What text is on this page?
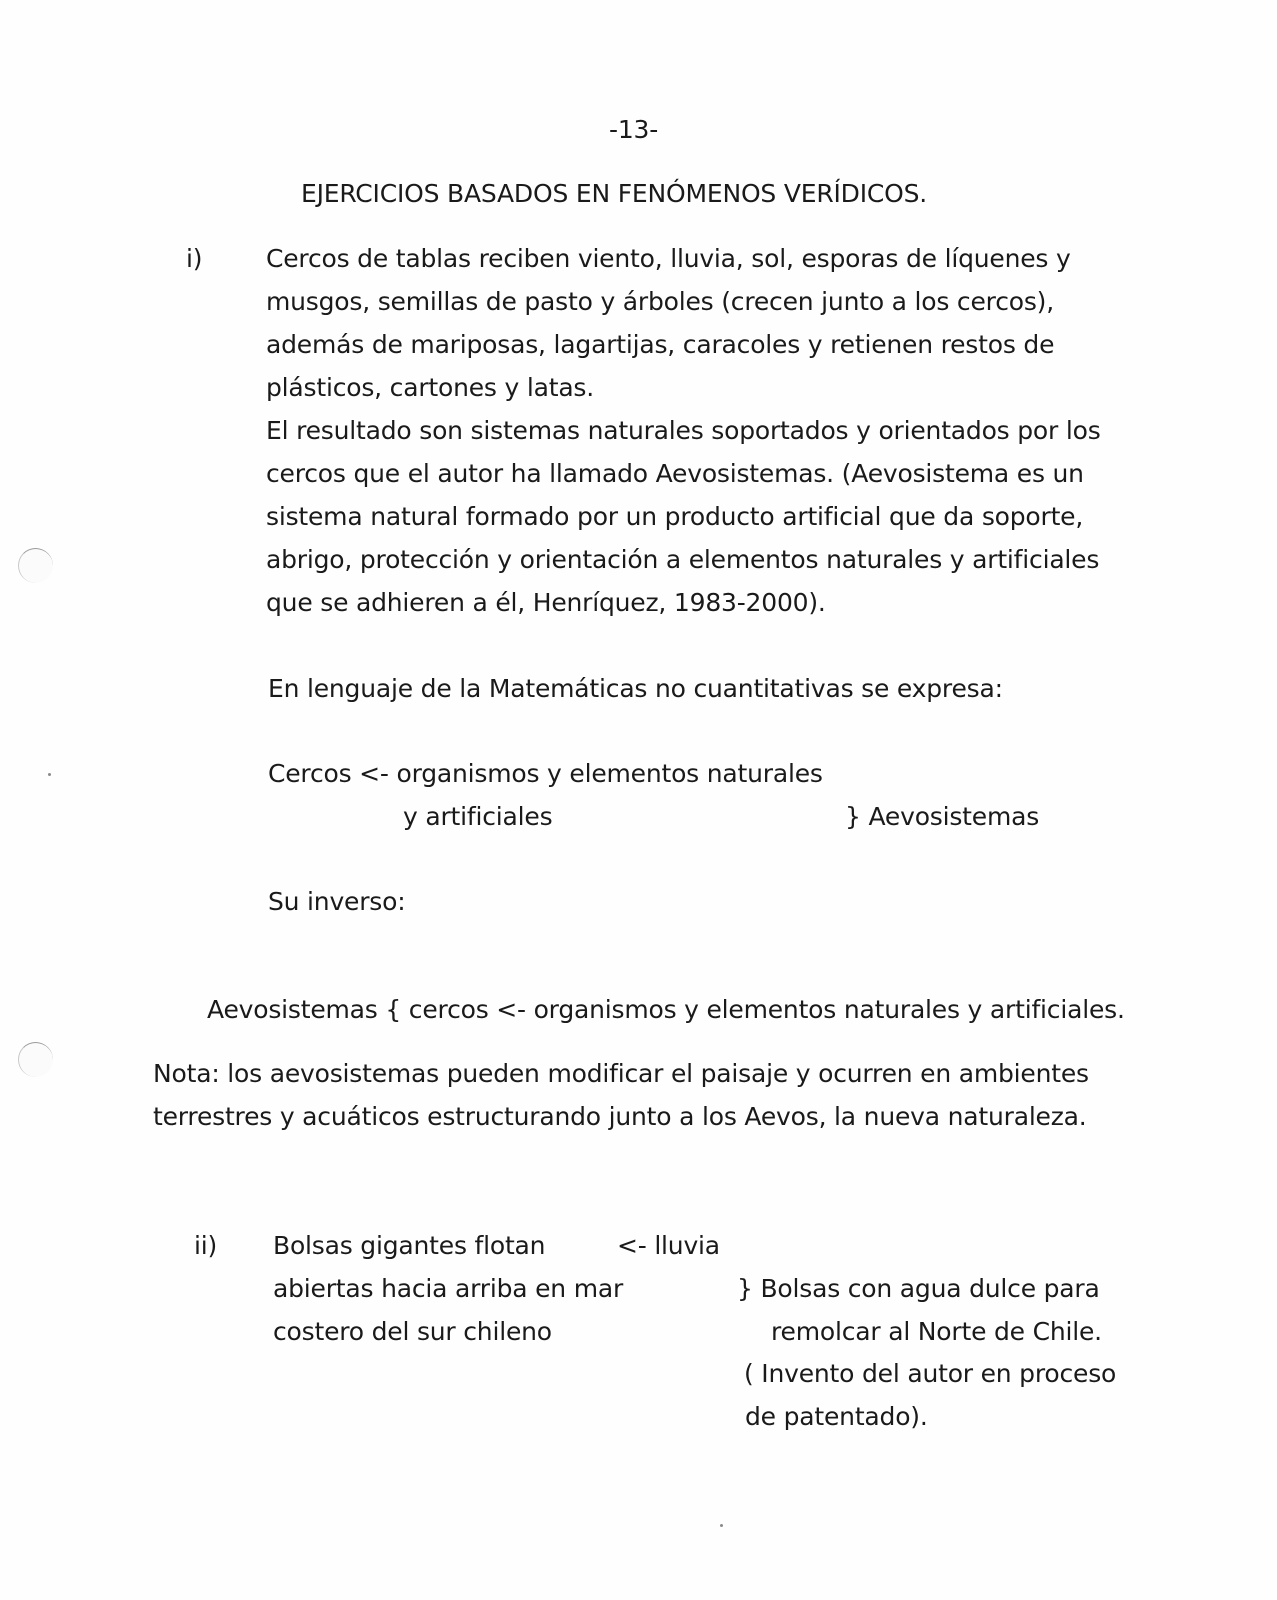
-13-
EJERCICIOS BASADOS EN FENÓMENOS VERÍDICOS.
i)	Cercos de tablas reciben viento, lluvia, sol, esporas de líquenes y
musgos, semillas de pasto y árboles (crecen junto a los cercos),
además de mariposas, lagartijas, caracoles y retienen restos de
plásticos, cartones y latas.
El resultado son sistemas naturales soportados y orientados por los
cercos que el autor ha llamado Aevosistemas. (Aevosistema es un
sistema natural formado por un producto artificial que da soporte,
abrigo, protección y orientación a elementos naturales y artificiales
que se adhieren a él, Henríquez, 1983-2000).
En lenguaje de la Matemáticas no cuantitativas se expresa:
Cercos <- organismos y elementos naturales
y artificiales	} Aevosistemas
Su inverso:
Aevosistemas { cercos <- organismos y elementos naturales y artificiales.
Nota: los aevosistemas pueden modificar el paisaje y ocurren en ambientes
terrestres y acuáticos estructurando junto a los Aevos, la nueva naturaleza.
ii) Bolsas gigantes flotan
abiertas hacia arriba en mar
costero del sur chileno
<- lluvia
} Bolsas con agua dulce para
remolcar al Norte de Chile.
( Invento del autor en proceso
de patentado).
